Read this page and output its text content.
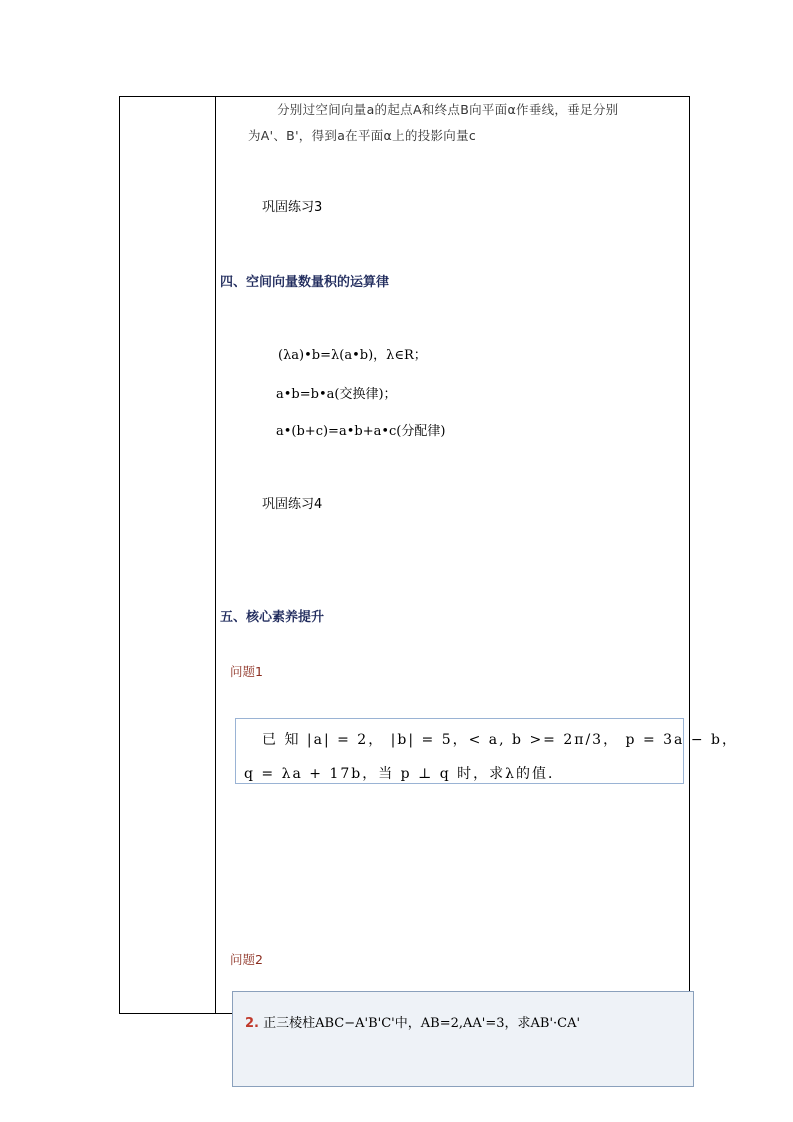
分别过空间向量a的起点A和终点B向平面α作垂线，垂足分别
为A'、B'，得到a在平面α上的投影向量c
巩固练习3
四、空间向量数量积的运算律
(λa)•b=λ(a•b)，λ∈R；
a•b=b•a(交换律)；
a•(b+c)=a•b+a•c(分配律)
巩固练习4
五、核心素养提升
问题1
已 知 |a| = 2， |b| = 5，< a, b >= 2π/3， p = 3a − b，
q = λa + 17b，当 p ⊥ q 时，求λ的值．
问题2
2. 正三棱柱ABC−A'B'C'中，AB=2,AA'=3，求AB'·CA'
